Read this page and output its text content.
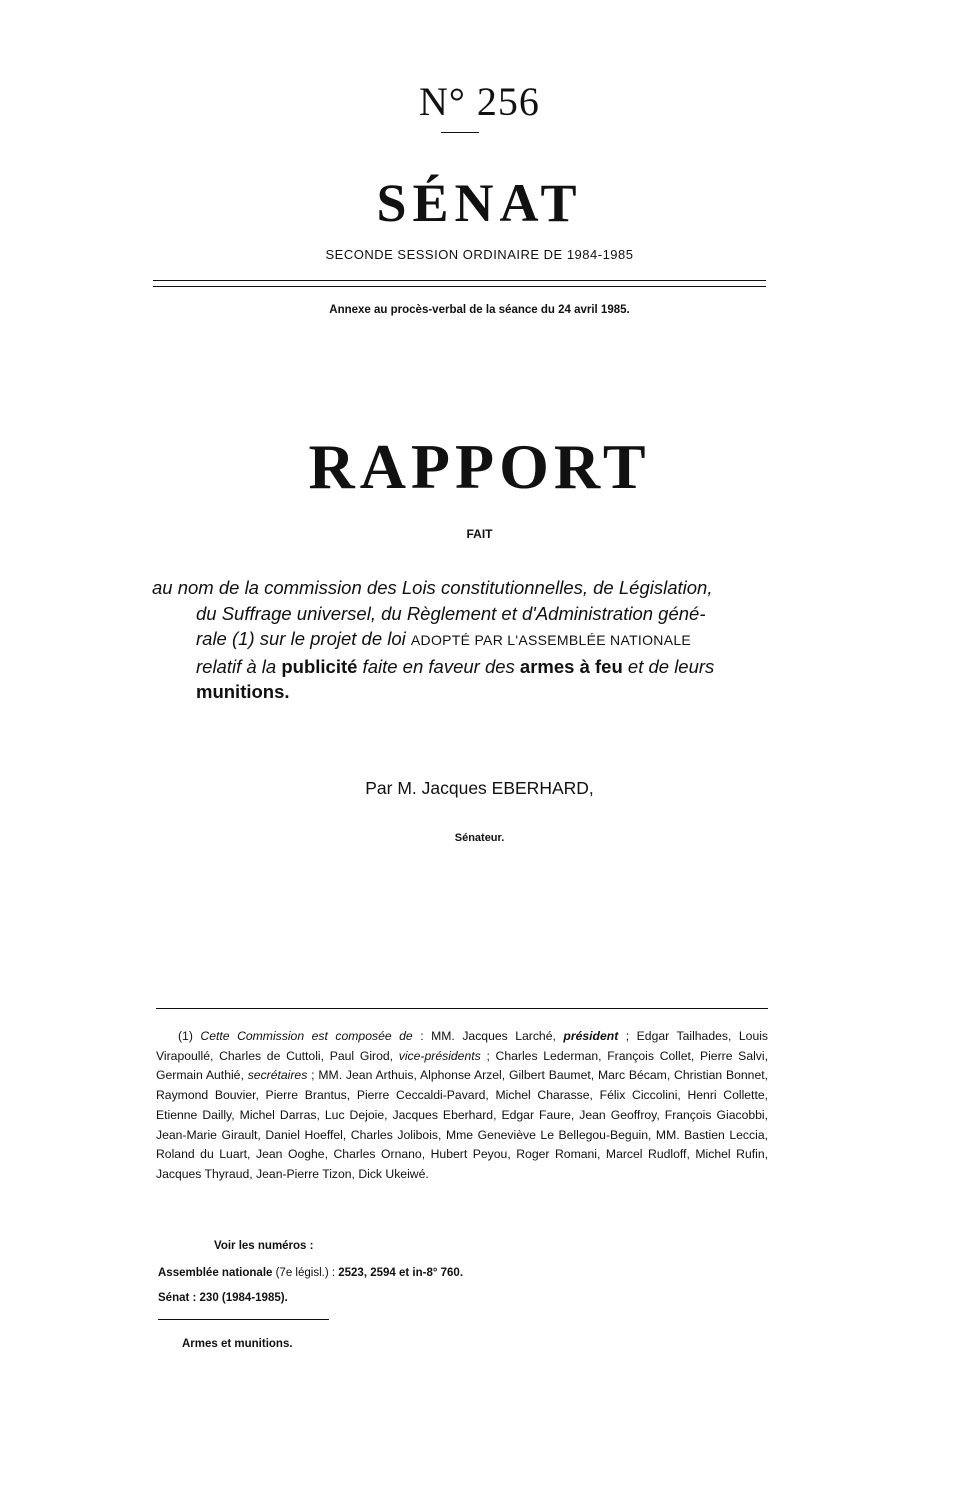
N° 256
SÉNAT
SECONDE SESSION ORDINAIRE DE 1984-1985
Annexe au procès-verbal de la séance du 24 avril 1985.
RAPPORT
FAIT
au nom de la commission des Lois constitutionnelles, de Législation,
du Suffrage universel, du Règlement et d'Administration géné-
rale (1) sur le projet de loi ADOPTÉ PAR L'ASSEMBLÉE NATIONALE
relatif à la publicité faite en faveur des armes à feu et de leurs
munitions.
Par M. Jacques EBERHARD,
Sénateur.
(1) Cette Commission est composée de : MM. Jacques Larché, président ; Edgar Tailhades, Louis Virapoullé, Charles de Cuttoli, Paul Girod, vice-présidents ; Charles Lederman, François Collet, Pierre Salvi, Germain Authié, secrétaires ; MM. Jean Arthuis, Alphonse Arzel, Gilbert Baumet, Marc Bécam, Christian Bonnet, Raymond Bouvier, Pierre Brantus, Pierre Ceccaldi-Pavard, Michel Charasse, Félix Ciccolini, Henri Collette, Etienne Dailly, Michel Darras, Luc Dejoie, Jacques Eberhard, Edgar Faure, Jean Geoffroy, François Giacobbi, Jean-Marie Girault, Daniel Hoeffel, Charles Jolibois, Mme Geneviève Le Bellegou-Beguin, MM. Bastien Leccia, Roland du Luart, Jean Ooghe, Charles Ornano, Hubert Peyou, Roger Romani, Marcel Rudloff, Michel Rufin, Jacques Thyraud, Jean-Pierre Tizon, Dick Ukeiwé.
Voir les numéros :
Assemblée nationale (7e législ.) : 2523, 2594 et in-8° 760.
Sénat : 230 (1984-1985).
Armes et munitions.
